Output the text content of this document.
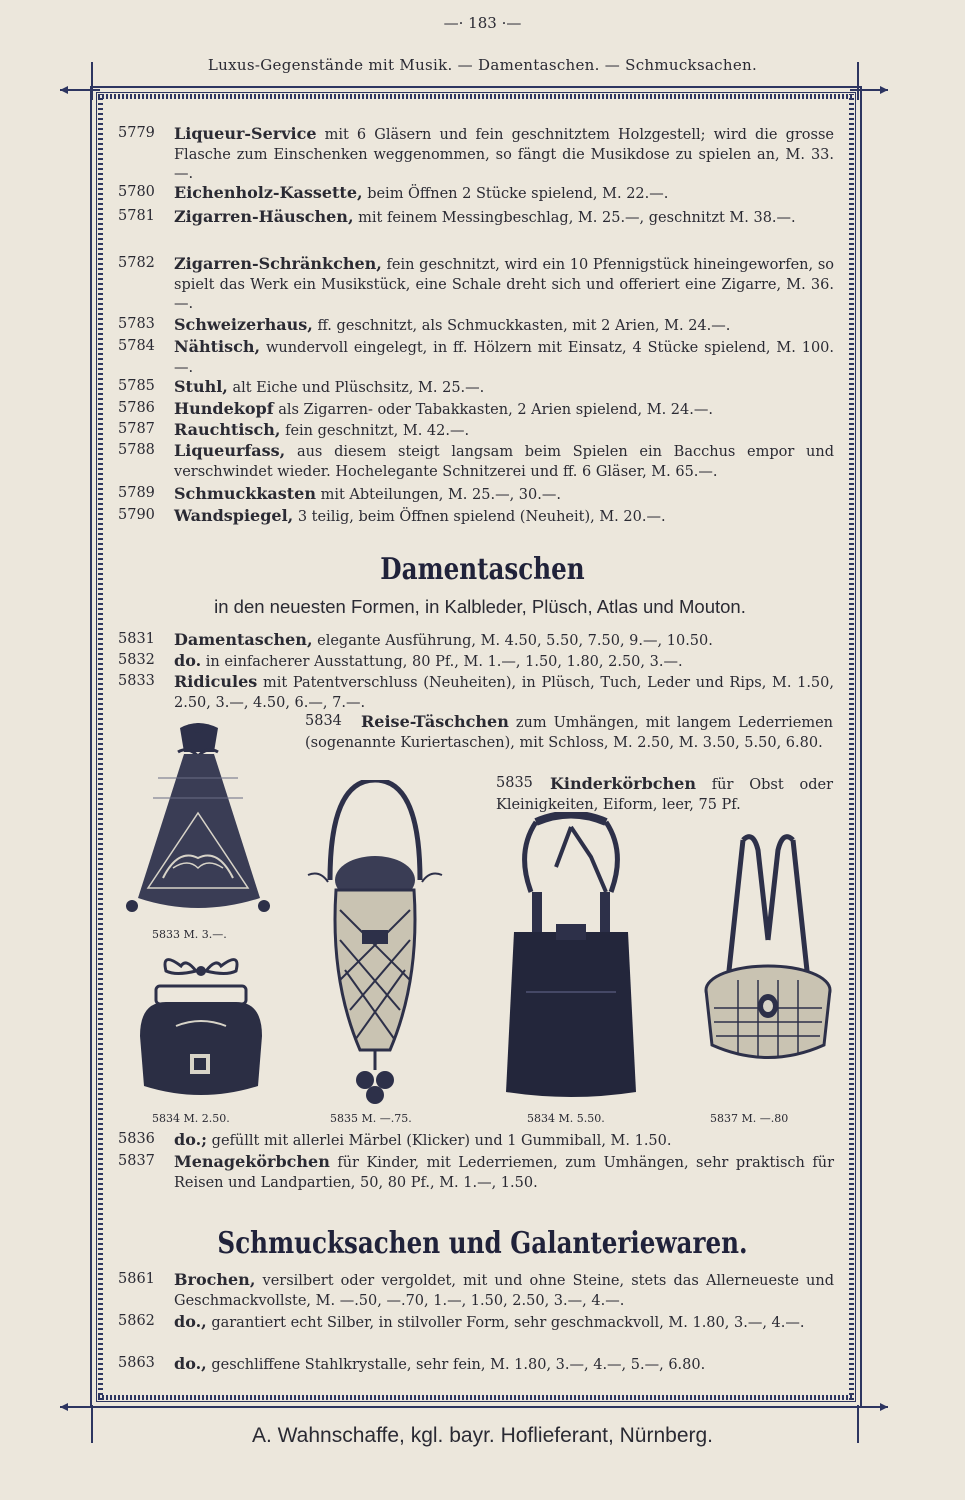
—· 183 ·—
Luxus-Gegenstände mit Musik. — Damentaschen. — Schmucksachen.
5779	Liqueur-Service mit 6 Gläsern und fein geschnitztem Holzgestell; wird die grosse Flasche zum Einschenken weggenommen, so fängt die Musikdose zu spielen an, M. 33.—.
5780	Eichenholz-Kassette, beim Öffnen 2 Stücke spielend, M. 22.—.
5781	Zigarren-Häuschen, mit feinem Messingbeschlag, M. 25.—, geschnitzt M. 38.—.
5782	Zigarren-Schränkchen, fein geschnitzt, wird ein 10 Pfennigstück hineingeworfen, so spielt das Werk ein Musikstück, eine Schale dreht sich und offeriert eine Zigarre, M. 36.—.
5783	Schweizerhaus, ff. geschnitzt, als Schmuckkasten, mit 2 Arien, M. 24.—.
5784	Nähtisch, wundervoll eingelegt, in ff. Hölzern mit Einsatz, 4 Stücke spielend, M. 100.—.
5785	Stuhl, alt Eiche und Plüschsitz, M. 25.—.
5786	Hundekopf als Zigarren- oder Tabakkasten, 2 Arien spielend, M. 24.—.
5787	Rauchtisch, fein geschnitzt, M. 42.—.
5788	Liqueurfass, aus diesem steigt langsam beim Spielen ein Bacchus empor und verschwindet wieder. Hochelegante Schnitzerei und ff. 6 Gläser, M. 65.—.
5789	Schmuckkasten mit Abteilungen, M. 25.—, 30.—.
5790	Wandspiegel, 3 teilig, beim Öffnen spielend (Neuheit), M. 20.—.
Damentaschen
in den neuesten Formen, in Kalbleder, Plüsch, Atlas und Mouton.
5831	Damentaschen, elegante Ausführung, M. 4.50, 5.50, 7.50, 9.—, 10.50.
5832	do. in einfacherer Ausstattung, 80 Pf., M. 1.—, 1.50, 1.80, 2.50, 3.—.
5833	Ridicules mit Patentverschluss (Neuheiten), in Plüsch, Tuch, Leder und Rips, M. 1.50, 2.50, 3.—, 4.50, 6.—, 7.—.
5834	Reise-Täschchen zum Umhängen, mit langem Lederriemen (sogenannte Kuriertaschen), mit Schloss, M. 2.50, M. 3.50, 5.50, 6.80.
5835	Kinderkörbchen für Obst oder Kleinigkeiten, Eiform, leer, 75 Pf.
5833 M. 3.—.
5834 M. 2.50.	5835 M. —.75.	5834 M. 5.50.	5837 M. —.80
5836	do.; gefüllt mit allerlei Märbel (Klicker) und 1 Gummiball, M. 1.50.
5837	Menagekörbchen für Kinder, mit Lederriemen, zum Umhängen, sehr praktisch für Reisen und Landpartien, 50, 80 Pf., M. 1.—, 1.50.
Schmucksachen und Galanteriewaren.
5861	Brochen, versilbert oder vergoldet, mit und ohne Steine, stets das Allerneueste und Geschmackvollste, M. —.50, —.70, 1.—, 1.50, 2.50, 3.—, 4.—.
5862	do., garantiert echt Silber, in stilvoller Form, sehr geschmackvoll, M. 1.80, 3.—, 4.—.
5863	do., geschliffene Stahlkrystalle, sehr fein, M. 1.80, 3.—, 4.—, 5.—, 6.80.
A. Wahnschaffe, kgl. bayr. Hoflieferant, Nürnberg.
